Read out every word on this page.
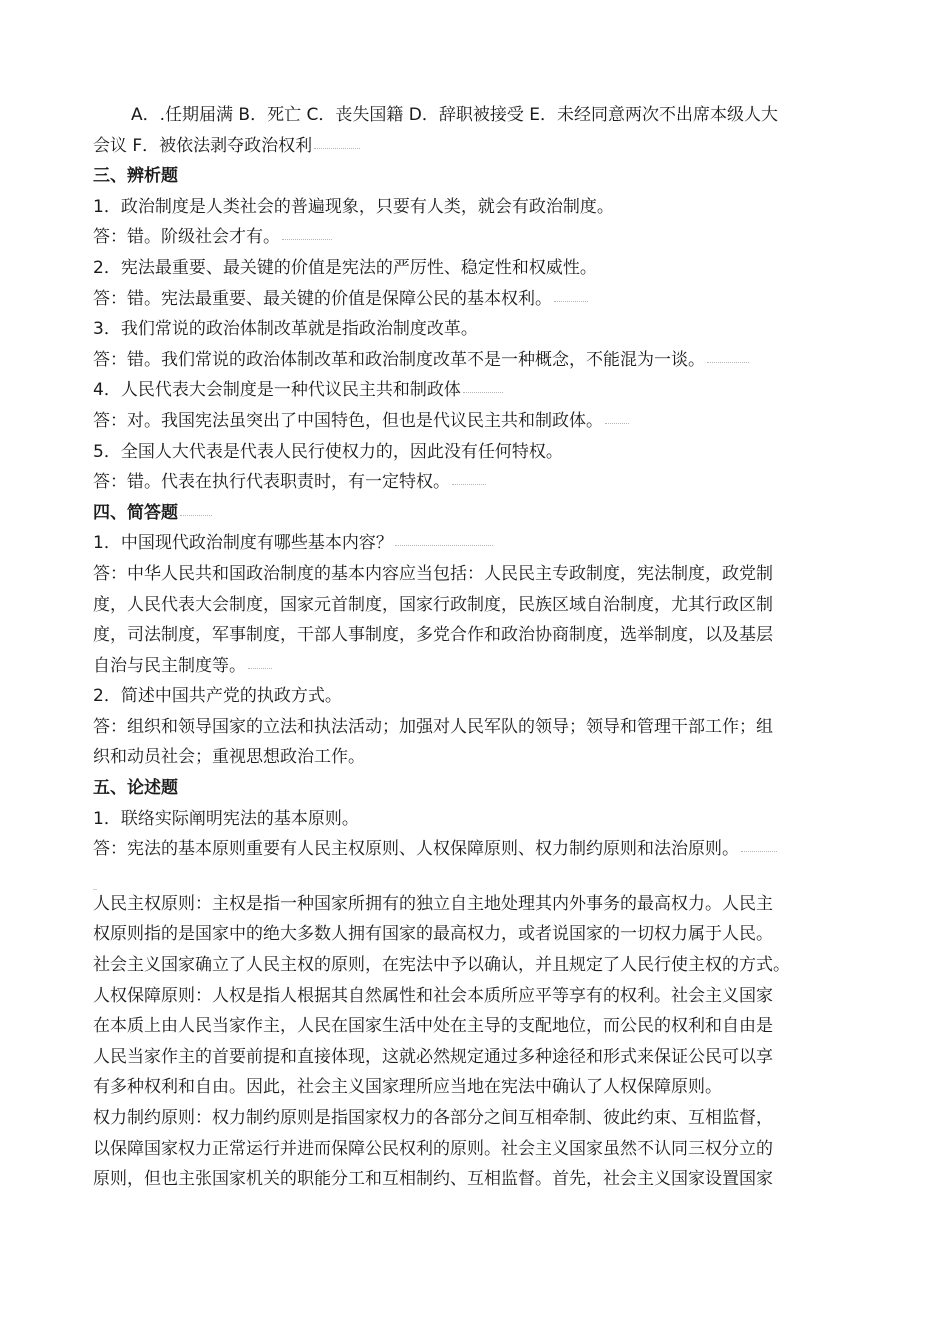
A．.任期届满 B．死亡 C．丧失国籍 D．辞职被接受 E．未经同意两次不出席本级人大
会议 F．被依法剥夺政治权利
三、辨析题
1．政治制度是人类社会的普遍现象，只要有人类，就会有政治制度。
答：错。阶级社会才有。
2．宪法最重要、最关键的价值是宪法的严厉性、稳定性和权威性。
答：错。宪法最重要、最关键的价值是保障公民的基本权利。
3．我们常说的政治体制改革就是指政治制度改革。
答：错。我们常说的政治体制改革和政治制度改革不是一种概念，不能混为一谈。
4．人民代表大会制度是一种代议民主共和制政体
答：对。我国宪法虽突出了中国特色，但也是代议民主共和制政体。
5．全国人大代表是代表人民行使权力的，因此没有任何特权。
答：错。代表在执行代表职责时，有一定特权。
四、简答题
1．中国现代政治制度有哪些基本内容？
答：中华人民共和国政治制度的基本内容应当包括：人民民主专政制度，宪法制度，政党制
度，人民代表大会制度，国家元首制度，国家行政制度，民族区域自治制度，尤其行政区制
度，司法制度，军事制度，干部人事制度，多党合作和政治协商制度，选举制度，以及基层
自治与民主制度等。
2．简述中国共产党的执政方式。
答：组织和领导国家的立法和执法活动；加强对人民军队的领导；领导和管理干部工作；组
织和动员社会；重视思想政治工作。
五、论述题
1．联络实际阐明宪法的基本原则。
答：宪法的基本原则重要有人民主权原则、人权保障原则、权力制约原则和法治原则。
人民主权原则：主权是指一种国家所拥有的独立自主地处理其内外事务的最高权力。人民主
权原则指的是国家中的绝大多数人拥有国家的最高权力，或者说国家的一切权力属于人民。
社会主义国家确立了人民主权的原则，在宪法中予以确认，并且规定了人民行使主权的方式。
人权保障原则：人权是指人根据其自然属性和社会本质所应平等享有的权利。社会主义国家
在本质上由人民当家作主，人民在国家生活中处在主导的支配地位，而公民的权利和自由是
人民当家作主的首要前提和直接体现，这就必然规定通过多种途径和形式来保证公民可以享
有多种权利和自由。因此，社会主义国家理所应当地在宪法中确认了人权保障原则。
权力制约原则：权力制约原则是指国家权力的各部分之间互相牵制、彼此约束、互相监督，
以保障国家权力正常运行并进而保障公民权利的原则。社会主义国家虽然不认同三权分立的
原则，但也主张国家机关的职能分工和互相制约、互相监督。首先，社会主义国家设置国家
